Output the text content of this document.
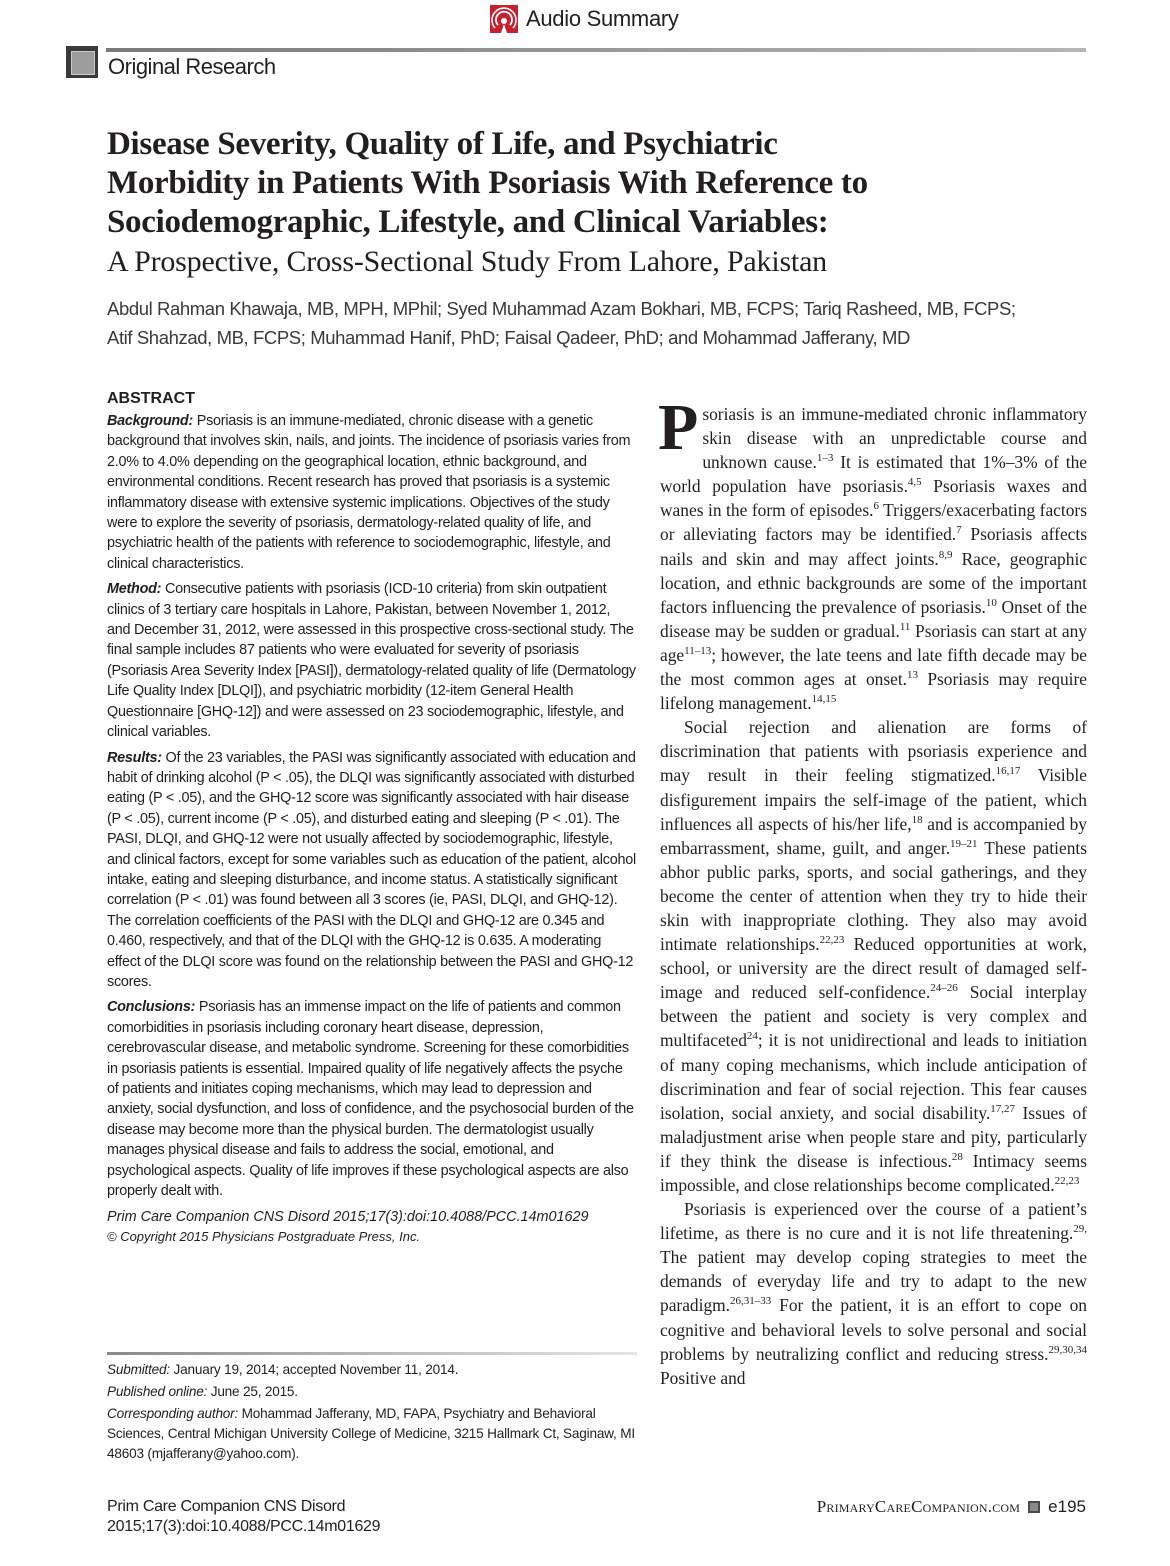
Audio Summary
Original Research
Disease Severity, Quality of Life, and Psychiatric
Morbidity in Patients With Psoriasis With Reference to
Sociodemographic, Lifestyle, and Clinical Variables:
A Prospective, Cross-Sectional Study From Lahore, Pakistan
Abdul Rahman Khawaja, MB, MPH, MPhil; Syed Muhammad Azam Bokhari, MB, FCPS; Tariq Rasheed, MB, FCPS;
Atif Shahzad, MB, FCPS; Muhammad Hanif, PhD; Faisal Qadeer, PhD; and Mohammad Jafferany, MD
ABSTRACT

Background: Psoriasis is an immune-mediated, chronic disease with a genetic background that involves skin, nails, and joints. The incidence of psoriasis varies from 2.0% to 4.0% depending on the geographical location, ethnic background, and environmental conditions. Recent research has proved that psoriasis is a systemic inflammatory disease with extensive systemic implications. Objectives of the study were to explore the severity of psoriasis, dermatology-related quality of life, and psychiatric health of the patients with reference to sociodemographic, lifestyle, and clinical characteristics.

Method: Consecutive patients with psoriasis (ICD-10 criteria) from skin outpatient clinics of 3 tertiary care hospitals in Lahore, Pakistan, between November 1, 2012, and December 31, 2012, were assessed in this prospective cross-sectional study. The final sample includes 87 patients who were evaluated for severity of psoriasis (Psoriasis Area Severity Index [PASI]), dermatology-related quality of life (Dermatology Life Quality Index [DLQI]), and psychiatric morbidity (12-item General Health Questionnaire [GHQ-12]) and were assessed on 23 sociodemographic, lifestyle, and clinical variables.

Results: Of the 23 variables, the PASI was significantly associated with education and habit of drinking alcohol (P < .05), the DLQI was significantly associated with disturbed eating (P < .05), and the GHQ-12 score was significantly associated with hair disease (P < .05), current income (P < .05), and disturbed eating and sleeping (P < .01). The PASI, DLQI, and GHQ-12 were not usually affected by sociodemographic, lifestyle, and clinical factors, except for some variables such as education of the patient, alcohol intake, eating and sleeping disturbance, and income status. A statistically significant correlation (P < .01) was found between all 3 scores (ie, PASI, DLQI, and GHQ-12). The correlation coefficients of the PASI with the DLQI and GHQ-12 are 0.345 and 0.460, respectively, and that of the DLQI with the GHQ-12 is 0.635. A moderating effect of the DLQI score was found on the relationship between the PASI and GHQ-12 scores.

Conclusions: Psoriasis has an immense impact on the life of patients and common comorbidities in psoriasis including coronary heart disease, depression, cerebrovascular disease, and metabolic syndrome. Screening for these comorbidities in psoriasis patients is essential. Impaired quality of life negatively affects the psyche of patients and initiates coping mechanisms, which may lead to depression and anxiety, social dysfunction, and loss of confidence, and the psychosocial burden of the disease may become more than the physical burden. The dermatologist usually manages physical disease and fails to address the social, emotional, and psychological aspects. Quality of life improves if these psychological aspects are also properly dealt with.

Prim Care Companion CNS Disord 2015;17(3):doi:10.4088/PCC.14m01629
© Copyright 2015 Physicians Postgraduate Press, Inc.
Submitted: January 19, 2014; accepted November 11, 2014.
Published online: June 25, 2015.
Corresponding author: Mohammad Jafferany, MD, FAPA, Psychiatry and Behavioral Sciences, Central Michigan University College of Medicine, 3215 Hallmark Ct, Saginaw, MI 48603 (mjafferany@yahoo.com).

Psoriasis is an immune-mediated chronic inflammatory skin disease with an unpredictable course and unknown cause.$^{1-3}$ It is estimated that 1%–3% of the world population have psoriasis.$^{4,5}$ Psoriasis waxes and wanes in the form of episodes.$^6$ Triggers/exacerbating factors or alleviating factors may be identified.$^7$ Psoriasis affects nails and skin and may affect joints.$^{8,9}$ Race, geographic location, and ethnic backgrounds are some of the important factors influencing the prevalence of psoriasis.$^{10}$ Onset of the disease may be sudden or gradual.$^{11}$ Psoriasis can start at any age$^{11-13}$; however, the late teens and late fifth decade may be the most common ages at onset.$^{13}$ Psoriasis may require lifelong management.$^{14,15}$

Social rejection and alienation are forms of discrimination that patients with psoriasis experience and may result in their feeling stigmatized.$^{16,17}$ Visible disfigurement impairs the self-image of the patient, which influences all aspects of his/her life,$^{18}$ and is accompanied by embarrassment, shame, guilt, and anger.$^{19-21}$ These patients abhor public parks, sports, and social gatherings, and they become the center of attention when they try to hide their skin with inappropriate clothing. They also may avoid intimate relationships.$^{22,23}$ Reduced opportunities at work, school, or university are the direct result of damaged self-image and reduced self-confidence.$^{24-26}$ Social interplay between the patient and society is very complex and multifaceted$^{24}$; it is not unidirectional and leads to initiation of many coping mechanisms, which include anticipation of discrimination and fear of social rejection. This fear causes isolation, social anxiety, and social disability.$^{17,27}$ Issues of maladjustment arise when people stare and pity, particularly if they think the disease is infectious.$^{28}$ Intimacy seems impossible, and close relationships become complicated.$^{22,23}$

Psoriasis is experienced over the course of a patient’s lifetime, as there is no cure and it is not life threatening.$^{29,}$ The patient may develop coping strategies to meet the demands of everyday life and try to adapt to the new paradigm.$^{26,31-33}$ For the patient, it is an effort to cope on cognitive and behavioral levels to solve personal and social problems by neutralizing conflict and reducing stress.$^{29,30,34}$ Positive and

Prim Care Companion CNS Disord
2015;17(3):doi:10.4088/PCC.14m01629
PrimaryCareCompanion.com e195
